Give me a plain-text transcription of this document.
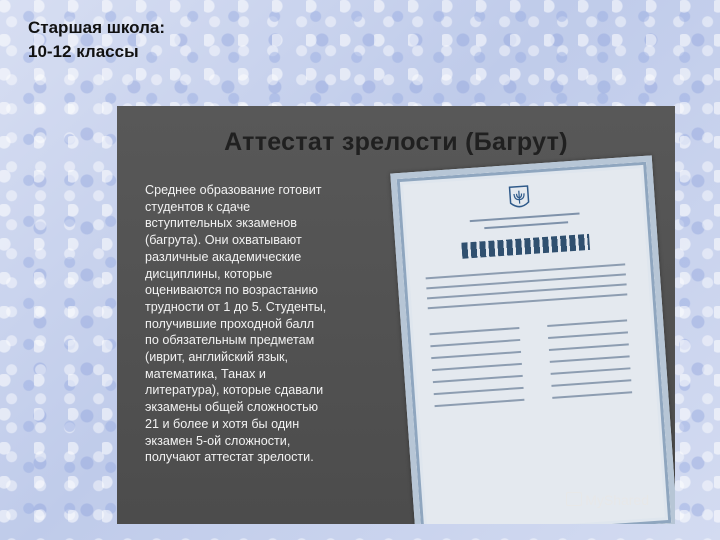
Старшая школа:
10-12 классы
Аттестат зрелости (Багрут)
Среднее образование готовит
студентов к сдаче
вступительных экзаменов
(багрута). Они охватывают
различные академические
дисциплины, которые
оцениваются по возрастанию
трудности от 1 до 5. Студенты,
получившие проходной балл
по обязательным предметам
(иврит, английский язык,
математика, Танах и
литература), которые сдавали
экзамены общей сложностью
21 и более и хотя бы один
экзамен 5-ой сложности,
получают аттестат зрелости.
MyShared
